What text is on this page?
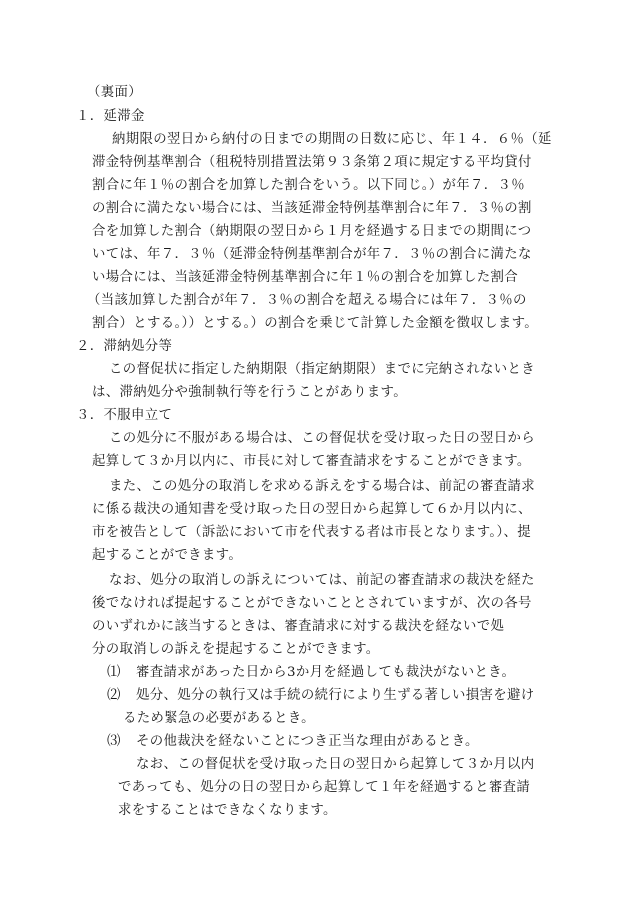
（裏面）
１．延滞金
納期限の翌日から納付の日までの期間の日数に応じ、年１４．６％（延
滞金特例基準割合（租税特別措置法第９３条第２項に規定する平均貸付
割合に年１％の割合を加算した割合をいう。以下同じ。）が年７．３％
の割合に満たない場合には、当該延滞金特例基準割合に年７．３％の割
合を加算した割合（納期限の翌日から１月を経過する日までの期間につ
いては、年７．３％（延滞金特例基準割合が年７．３％の割合に満たな
い場合には、当該延滞金特例基準割合に年１％の割合を加算した割合
（当該加算した割合が年７．３％の割合を超える場合には年７．３％の
割合）とする。））とする。）の割合を乗じて計算した金額を徴収します。
２．滞納処分等
この督促状に指定した納期限（指定納期限）までに完納されないとき
は、滞納処分や強制執行等を行うことがあります。
３．不服申立て
この処分に不服がある場合は、この督促状を受け取った日の翌日から
起算して３か月以内に、市長に対して審査請求をすることができます。
また、この処分の取消しを求める訴えをする場合は、前記の審査請求
に係る裁決の通知書を受け取った日の翌日から起算して６か月以内に、
市を被告として（訴訟において市を代表する者は市長となります。）、提
起することができます。
なお、処分の取消しの訴えについては、前記の審査請求の裁決を経た
後でなければ提起することができないこととされていますが、次の各号
のいずれかに該当するときは、審査請求に対する裁決を経ないで処
分の取消しの訴えを提起することができます。
⑴ 審査請求があった日から3か月を経過しても裁決がないとき。
⑵ 処分、処分の執行又は手続の続行により生ずる著しい損害を避け
るため緊急の必要があるとき。
⑶ その他裁決を経ないことにつき正当な理由があるとき。
なお、この督促状を受け取った日の翌日から起算して３か月以内
であっても、処分の日の翌日から起算して１年を経過すると審査請
求をすることはできなくなります。
